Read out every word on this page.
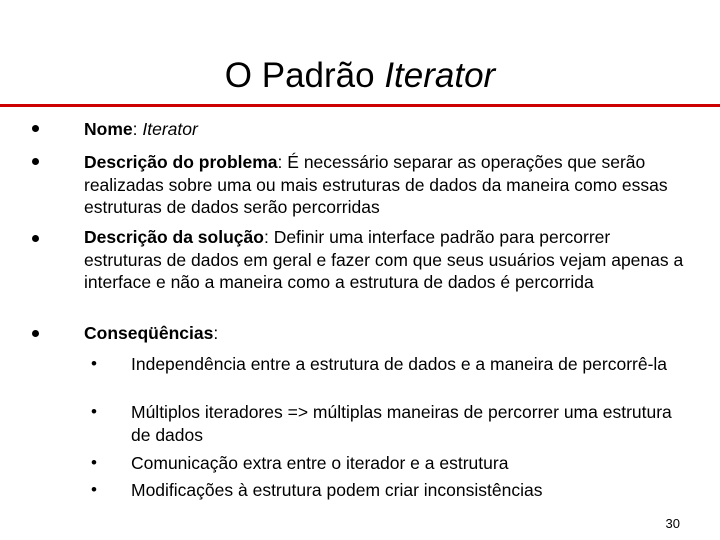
O Padrão Iterator
Nome: Iterator
Descrição do problema: É necessário separar as operações que serão realizadas sobre uma ou mais estruturas de dados da maneira como essas estruturas de dados serão percorridas
Descrição da solução: Definir uma interface padrão para percorrer estruturas de dados em geral e fazer com que seus usuários vejam apenas a interface e não a maneira como a estrutura de dados é percorrida
Conseqüências:
• Independência entre a estrutura de dados e a maneira de percorrê-la
• Múltiplos iteradores => múltiplas maneiras de percorrer uma estrutura de dados
• Comunicação extra entre o iterador e a estrutura
• Modificações à estrutura podem criar inconsistências
30
